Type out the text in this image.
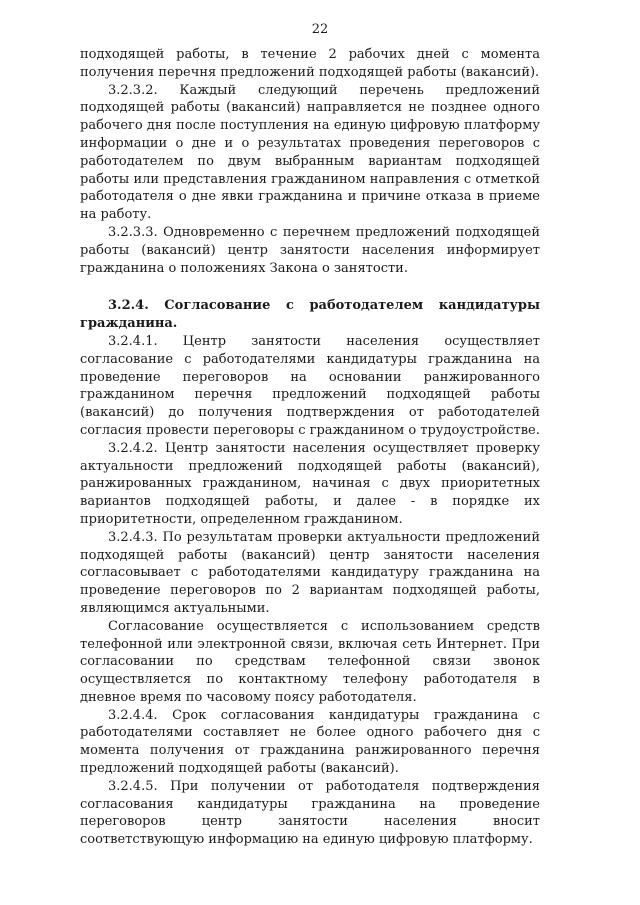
22

подходящей работы, в течение 2 рабочих дней с момента получения перечня предложений подходящей работы (вакансий).

3.2.3.2. Каждый следующий перечень предложений подходящей работы (вакансий) направляется не позднее одного рабочего дня после поступления на единую цифровую платформу информации о дне и о результатах проведения переговоров с работодателем по двум выбранным вариантам подходящей работы или представления гражданином направления с отметкой работодателя о дне явки гражданина и причине отказа в приеме на работу.

3.2.3.3. Одновременно с перечнем предложений подходящей работы (вакансий) центр занятости населения информирует гражданина о положениях Закона о занятости.

3.2.4. Согласование с работодателем кандидатуры гражданина.

3.2.4.1. Центр занятости населения осуществляет согласование с работодателями кандидатуры гражданина на проведение переговоров на основании ранжированного гражданином перечня предложений подходящей работы (вакансий) до получения подтверждения от работодателей согласия провести переговоры с гражданином о трудоустройстве.

3.2.4.2. Центр занятости населения осуществляет проверку актуальности предложений подходящей работы (вакансий), ранжированных гражданином, начиная с двух приоритетных вариантов подходящей работы, и далее - в порядке их приоритетности, определенном гражданином.

3.2.4.3. По результатам проверки актуальности предложений подходящей работы (вакансий) центр занятости населения согласовывает с работодателями кандидатуру гражданина на проведение переговоров по 2 вариантам подходящей работы, являющимся актуальными.

Согласование осуществляется с использованием средств телефонной или электронной связи, включая сеть Интернет. При согласовании по средствам телефонной связи звонок осуществляется по контактному телефону работодателя в дневное время по часовому поясу работодателя.

3.2.4.4. Срок согласования кандидатуры гражданина с работодателями составляет не более одного рабочего дня с момента получения от гражданина ранжированного перечня предложений подходящей работы (вакансий).

3.2.4.5. При получении от работодателя подтверждения согласования кандидатуры гражданина на проведение переговоров центр занятости населения вносит соответствующую информацию на единую цифровую платформу.
